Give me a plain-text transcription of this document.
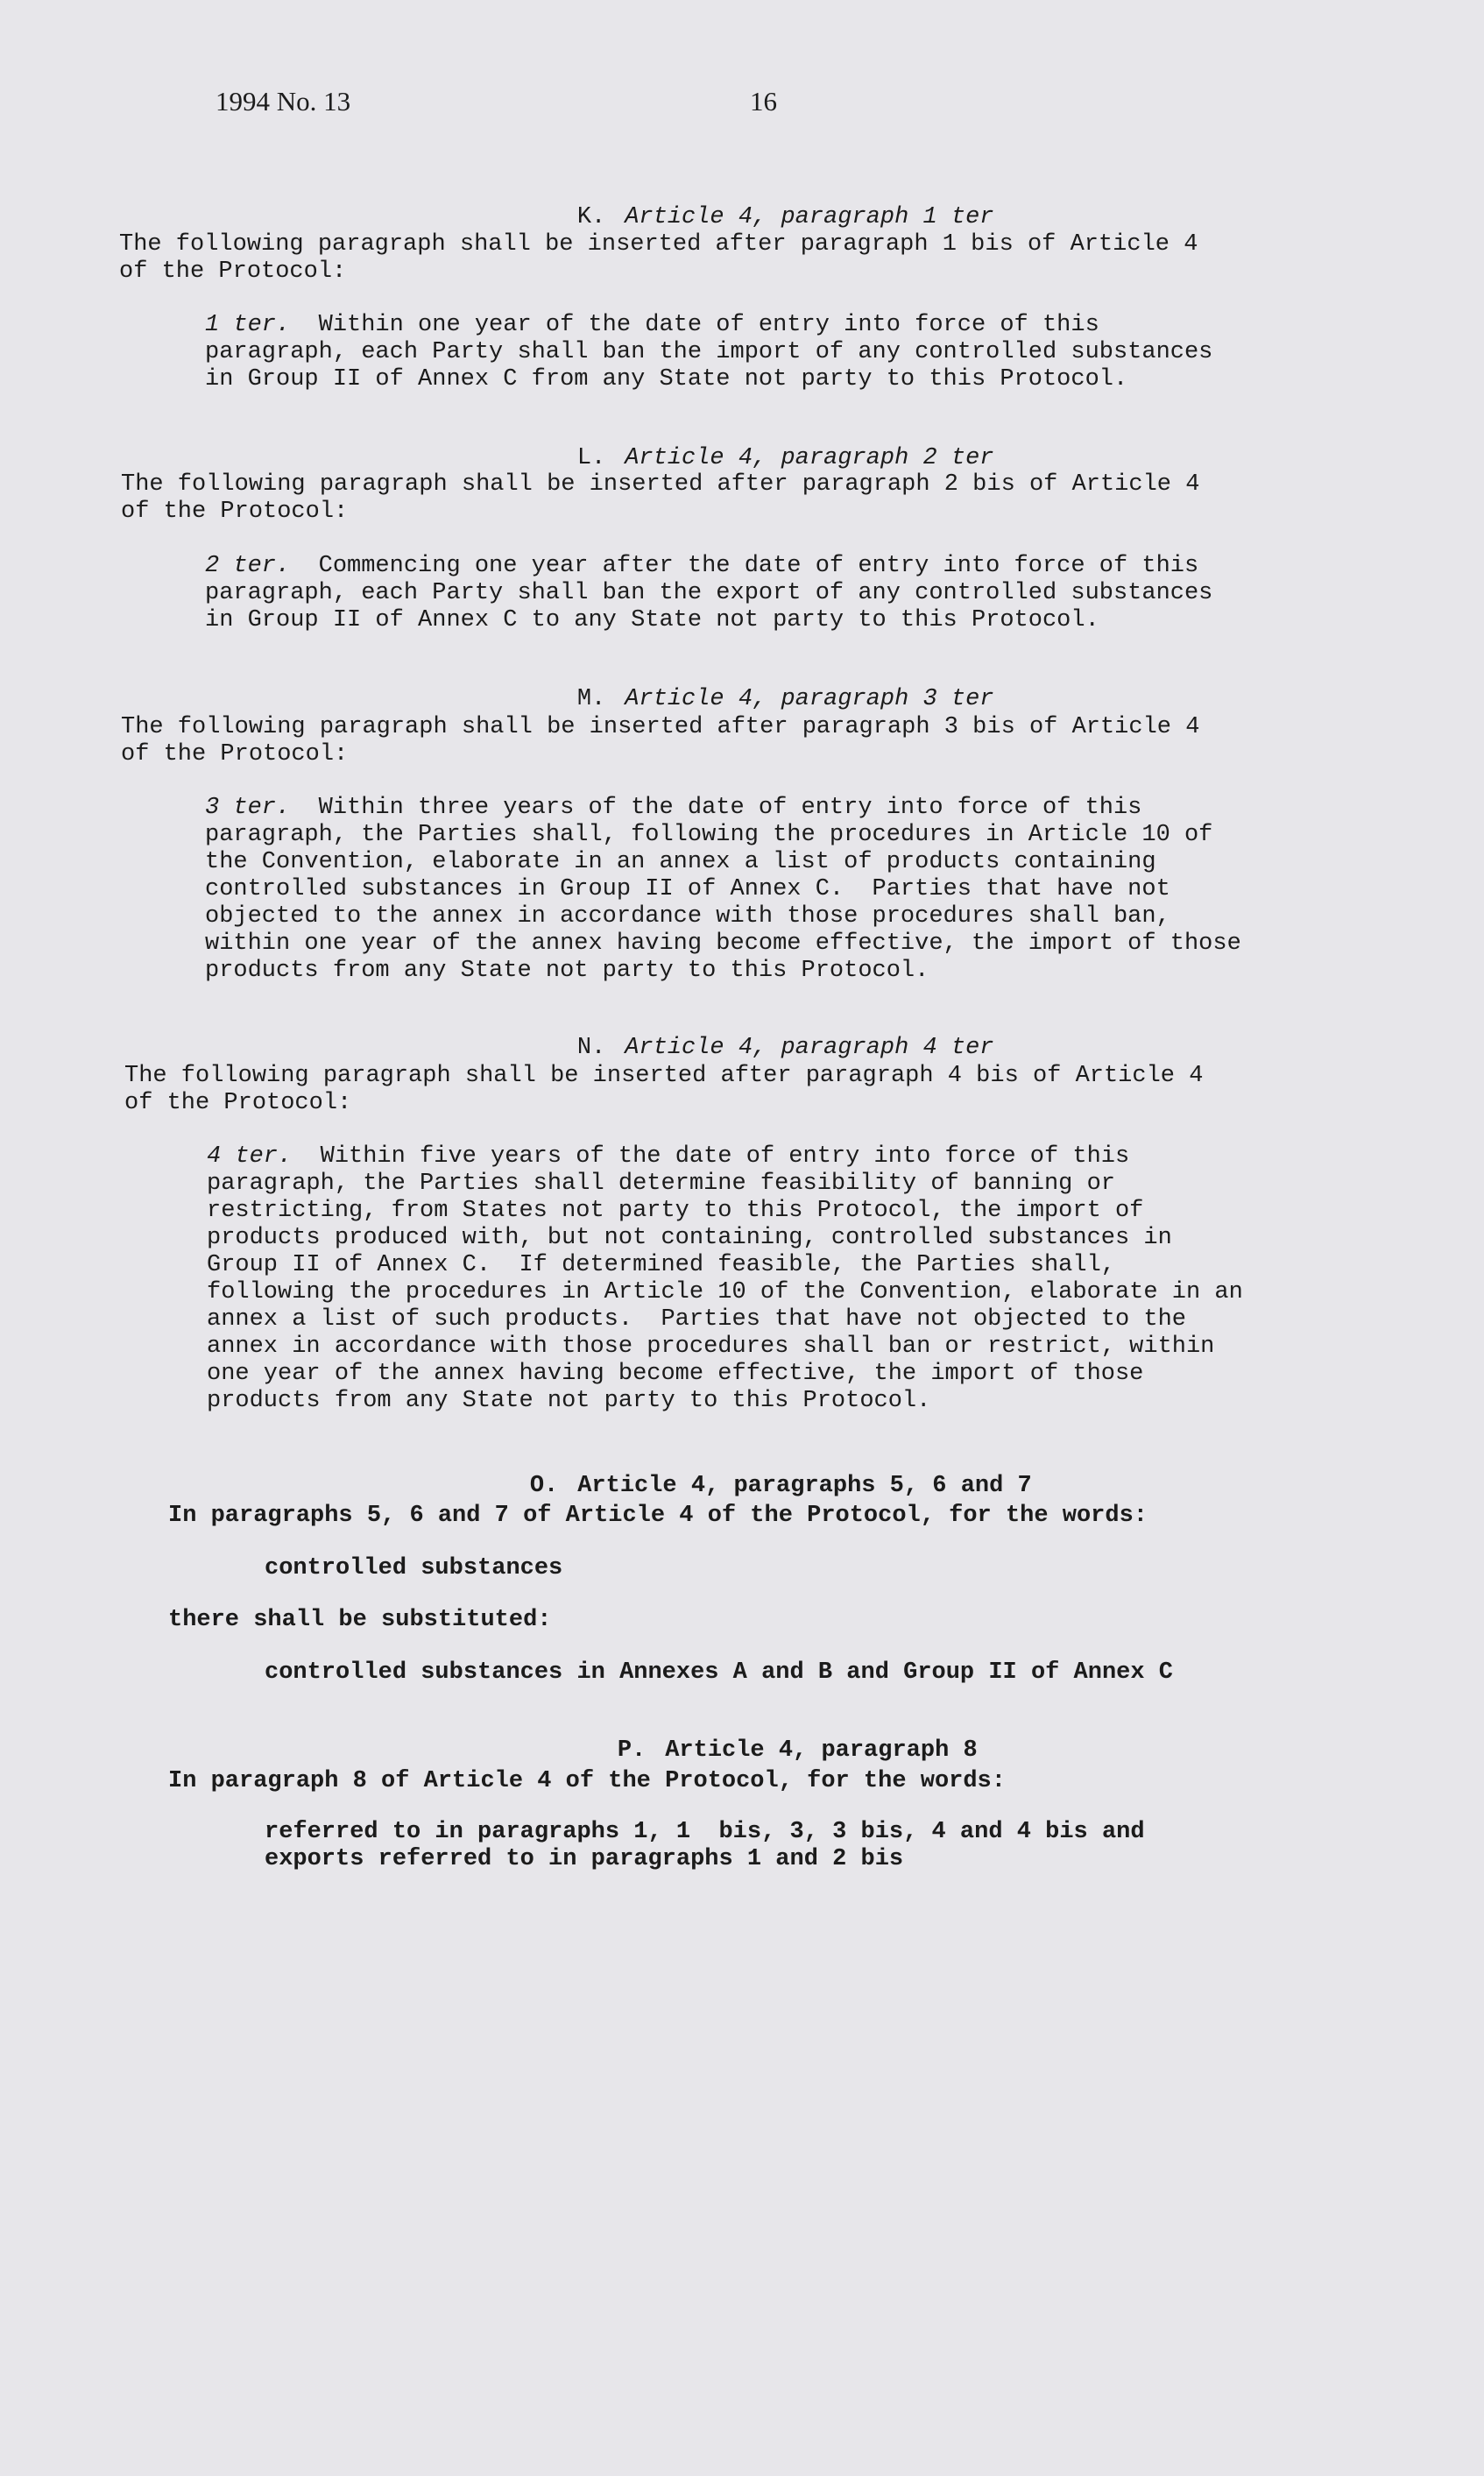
1994 No. 13	16

K. Article 4, paragraph 1 ter

The following paragraph shall be inserted after paragraph 1 bis of Article 4
of the Protocol:
1 ter.  Within one year of the date of entry into force of this
paragraph, each Party shall ban the import of any controlled substances
in Group II of Annex C from any State not party to this Protocol.

L. Article 4, paragraph 2 ter

The following paragraph shall be inserted after paragraph 2 bis of Article 4
of the Protocol:
2 ter.  Commencing one year after the date of entry into force of this
paragraph, each Party shall ban the export of any controlled substances
in Group II of Annex C to any State not party to this Protocol.

M. Article 4, paragraph 3 ter

The following paragraph shall be inserted after paragraph 3 bis of Article 4
of the Protocol:
3 ter.  Within three years of the date of entry into force of this
paragraph, the Parties shall, following the procedures in Article 10 of
the Convention, elaborate in an annex a list of products containing
controlled substances in Group II of Annex C.  Parties that have not
objected to the annex in accordance with those procedures shall ban,
within one year of the annex having become effective, the import of those
products from any State not party to this Protocol.

N. Article 4, paragraph 4 ter

The following paragraph shall be inserted after paragraph 4 bis of Article 4
of the Protocol:
4 ter.  Within five years of the date of entry into force of this
paragraph, the Parties shall determine feasibility of banning or
restricting, from States not party to this Protocol, the import of
products produced with, but not containing, controlled substances in
Group II of Annex C.  If determined feasible, the Parties shall,
following the procedures in Article 10 of the Convention, elaborate in an
annex a list of such products.  Parties that have not objected to the
annex in accordance with those procedures shall ban or restrict, within
one year of the annex having become effective, the import of those
products from any State not party to this Protocol.

O. Article 4, paragraphs 5, 6 and 7

In paragraphs 5, 6 and 7 of Article 4 of the Protocol, for the words:
controlled substances
there shall be substituted:
controlled substances in Annexes A and B and Group II of Annex C

P. Article 4, paragraph 8

In paragraph 8 of Article 4 of the Protocol, for the words:
referred to in paragraphs 1, 1  bis, 3, 3 bis, 4 and 4 bis and
exports referred to in paragraphs 1 and 2 bis
